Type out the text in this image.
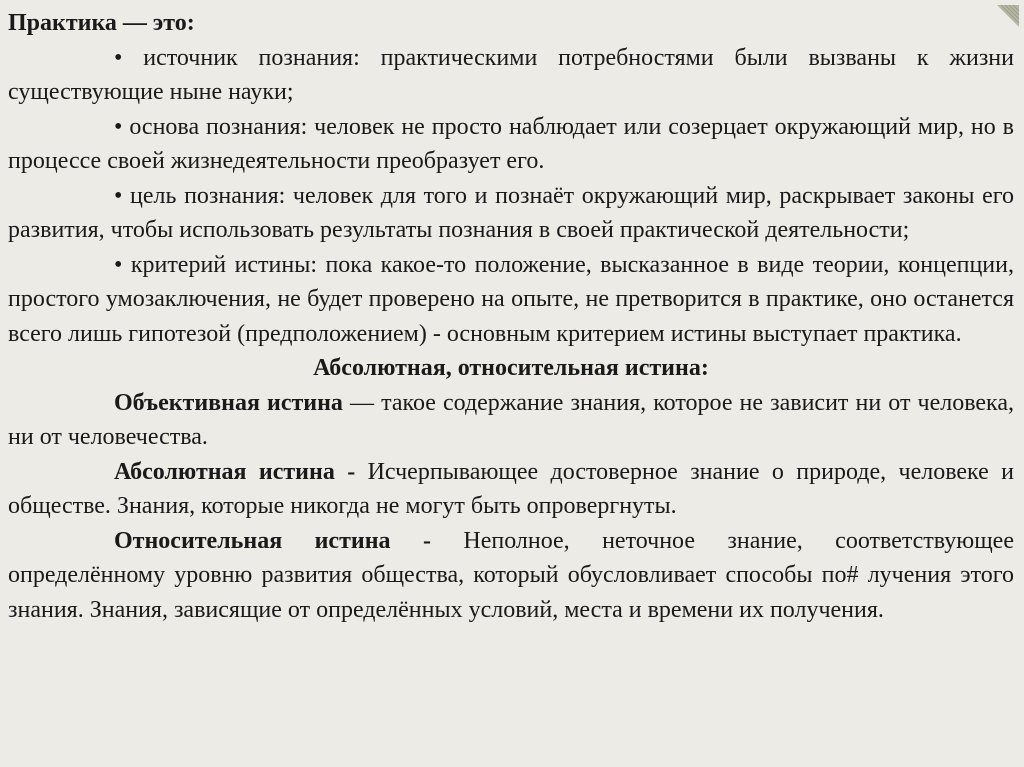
Практика — это:

• источник познания: практическими потребностями были вызваны к жизни существующие ныне науки;

• основа познания: человек не просто наблюдает или созерцает окружающий мир, но в процессе своей жизнедеятельности преобразует его.

• цель познания: человек для того и познаёт окружающий мир, раскрывает законы его развития, чтобы использовать результаты познания в своей практической деятельности;

• критерий истины: пока какое-то положение, высказанное в виде теории, концепции, простого умозаключения, не будет проверено на опыте, не претворится в практике, оно останется всего лишь гипотезой (предположением) - основным критерием истины выступает практика.

Абсолютная, относительная истина:

Объективная истина — такое содержание знания, которое не зависит ни от человека, ни от человечества.

Абсолютная истина - Исчерпывающее достоверное знание о природе, человеке и обществе. Знания, которые никогда не могут быть опровергнуты.

Относительная истина - Неполное, неточное знание, соответствующее определённому уровню развития общества, который обусловливает способы по# лучения этого знания. Знания, зависящие от определённых условий, места и времени их получения.
